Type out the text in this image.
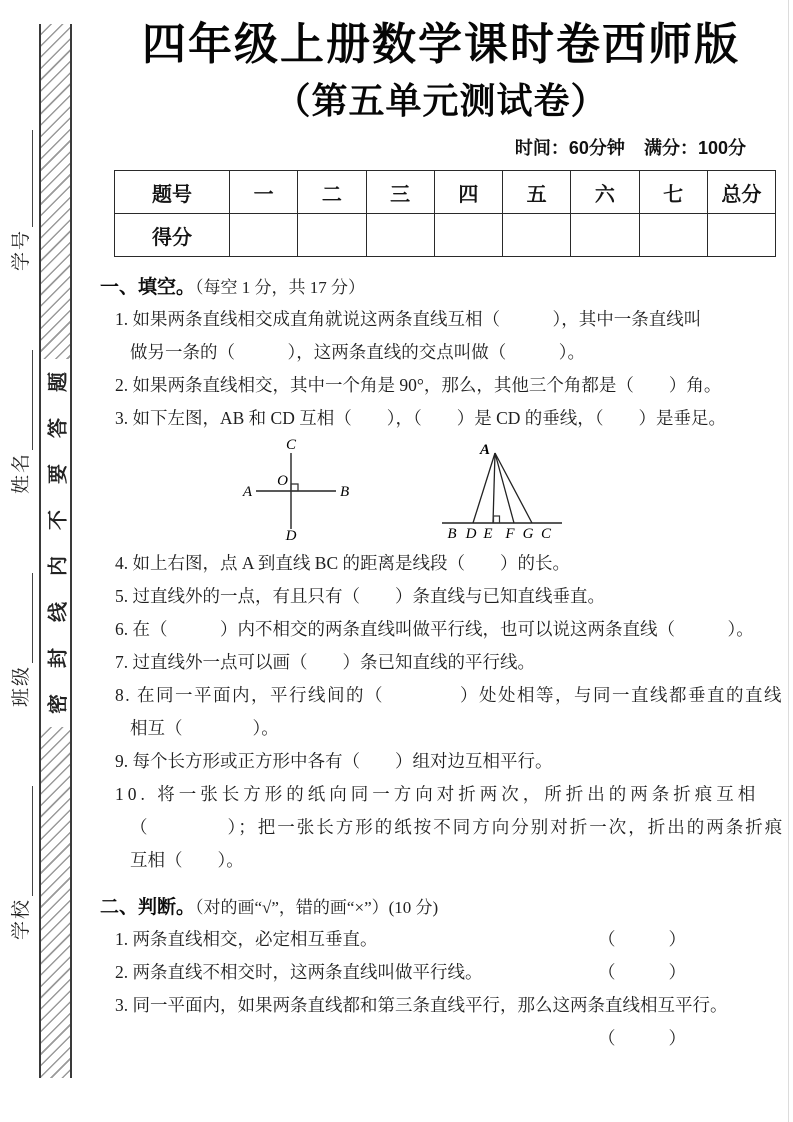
学校
班级
姓名
学号
题
答
要
不
内
线
封
密
四年级上册数学课时卷西师版
（第五单元测试卷）
时间：60分钟 满分：100分
题号	一	二	三	四	五	六	七	总分
得分								
一、填空。（每空 1 分，共 17 分）
1. 如果两条直线相交成直角就说这两条直线互相（　　　），其中一条直线叫
做另一条的（　　　），这两条直线的交点叫做（　　　）。
2. 如果两条直线相交，其中一个角是 90°，那么，其他三个角都是（　　）角。
3. 如下左图，AB 和 CD 互相（　　），（　　）是 CD 的垂线，（　　）是垂足。
C
D
A	B
O
A
B D E F G C
4. 如上右图，点 A 到直线 BC 的距离是线段（　　）的长。
5. 过直线外的一点，有且只有（　　）条直线与已知直线垂直。
6. 在（　　　）内不相交的两条直线叫做平行线，也可以说这两条直线（　　　）。
7. 过直线外一点可以画（　　）条已知直线的平行线。
8. 在同一平面内，平行线间的（　　　　）处处相等，与同一直线都垂直的直线
相互（　　　　）。
9. 每个长方形或正方形中各有（　　）组对边互相平行。
10. 将一张长方形的纸向同一方向对折两次，所折出的两条折痕互相
（　　　　）；把一张长方形的纸按不同方向分别对折一次，折出的两条折痕
互相（　　）。
二、判断。（对的画“√”，错的画“×”）(10 分)
1. 两条直线相交，必定相互垂直。	（　　）
2. 两条直线不相交时，这两条直线叫做平行线。	（　　）
3. 同一平面内，如果两条直线都和第三条直线平行，那么这两条直线相互平行。
（　　）
